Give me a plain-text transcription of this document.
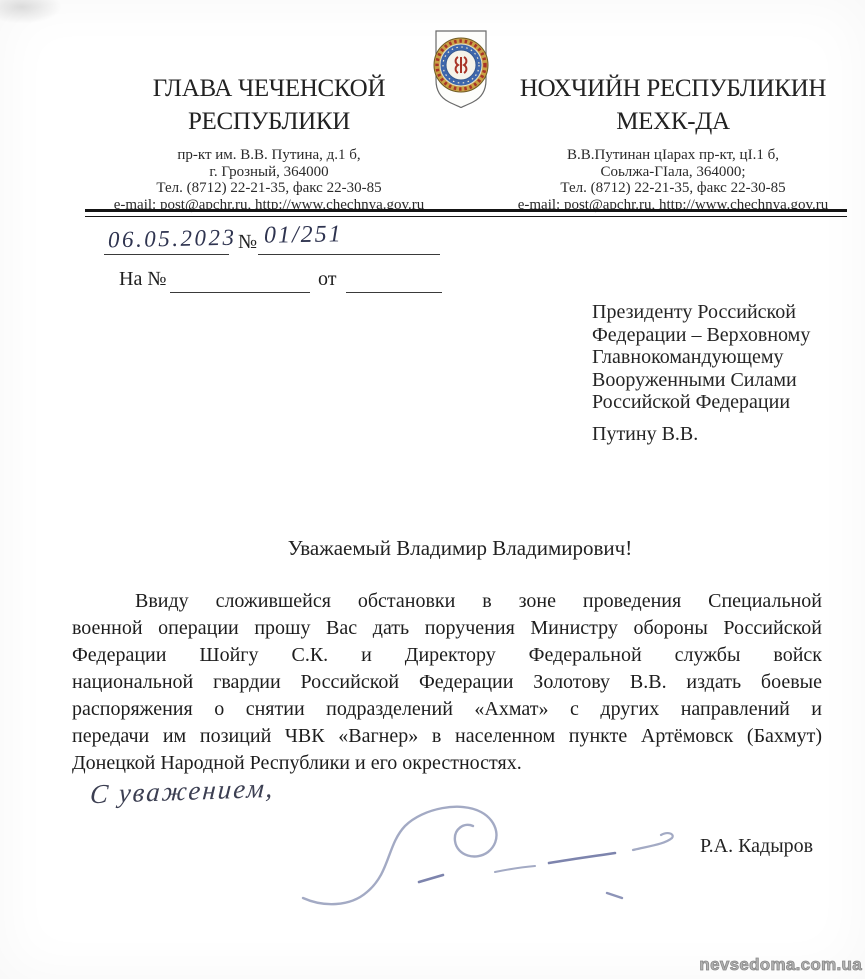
ГЛАВА ЧЕЧЕНСКОЙ
РЕСПУБЛИКИ
пр-кт им. В.В. Путина, д.1 б,
г. Грозный, 364000
Тел. (8712) 22-21-35, факс 22-30-85
e-mail: post@apchr.ru, http://www.chechnya.gov.ru
НОХЧИЙН РЕСПУБЛИКИН
МЕХК-ДА
В.В.Путинан цIарах пр-кт, цI.1 б,
Соьлжа-ГIала, 364000;
Тел. (8712) 22-21-35, факс 22-30-85
e-mail: post@apchr.ru, http://www.chechnya.gov.ru
06.05.2023 № 01/251
На №	от
Президенту Российской
Федерации – Верховному
Главнокомандующему
Вооруженными Силами
Российской Федерации
Путину В.В.
Уважаемый Владимир Владимирович!
Ввиду сложившейся обстановки в зоне проведения Специальной
военной операции прошу Вас дать поручения Министру обороны Российской
Федерации Шойгу С.К. и Директору Федеральной службы войск
национальной гвардии Российской Федерации Золотову В.В. издать боевые
распоряжения о снятии подразделений «Ахмат» с других направлений и
передачи им позиций ЧВК «Вагнер» в населенном пункте Артёмовск (Бахмут)
Донецкой Народной Республики и его окрестностях.
С уважением,
Р.А. Кадыров
nevsedoma.com.ua
